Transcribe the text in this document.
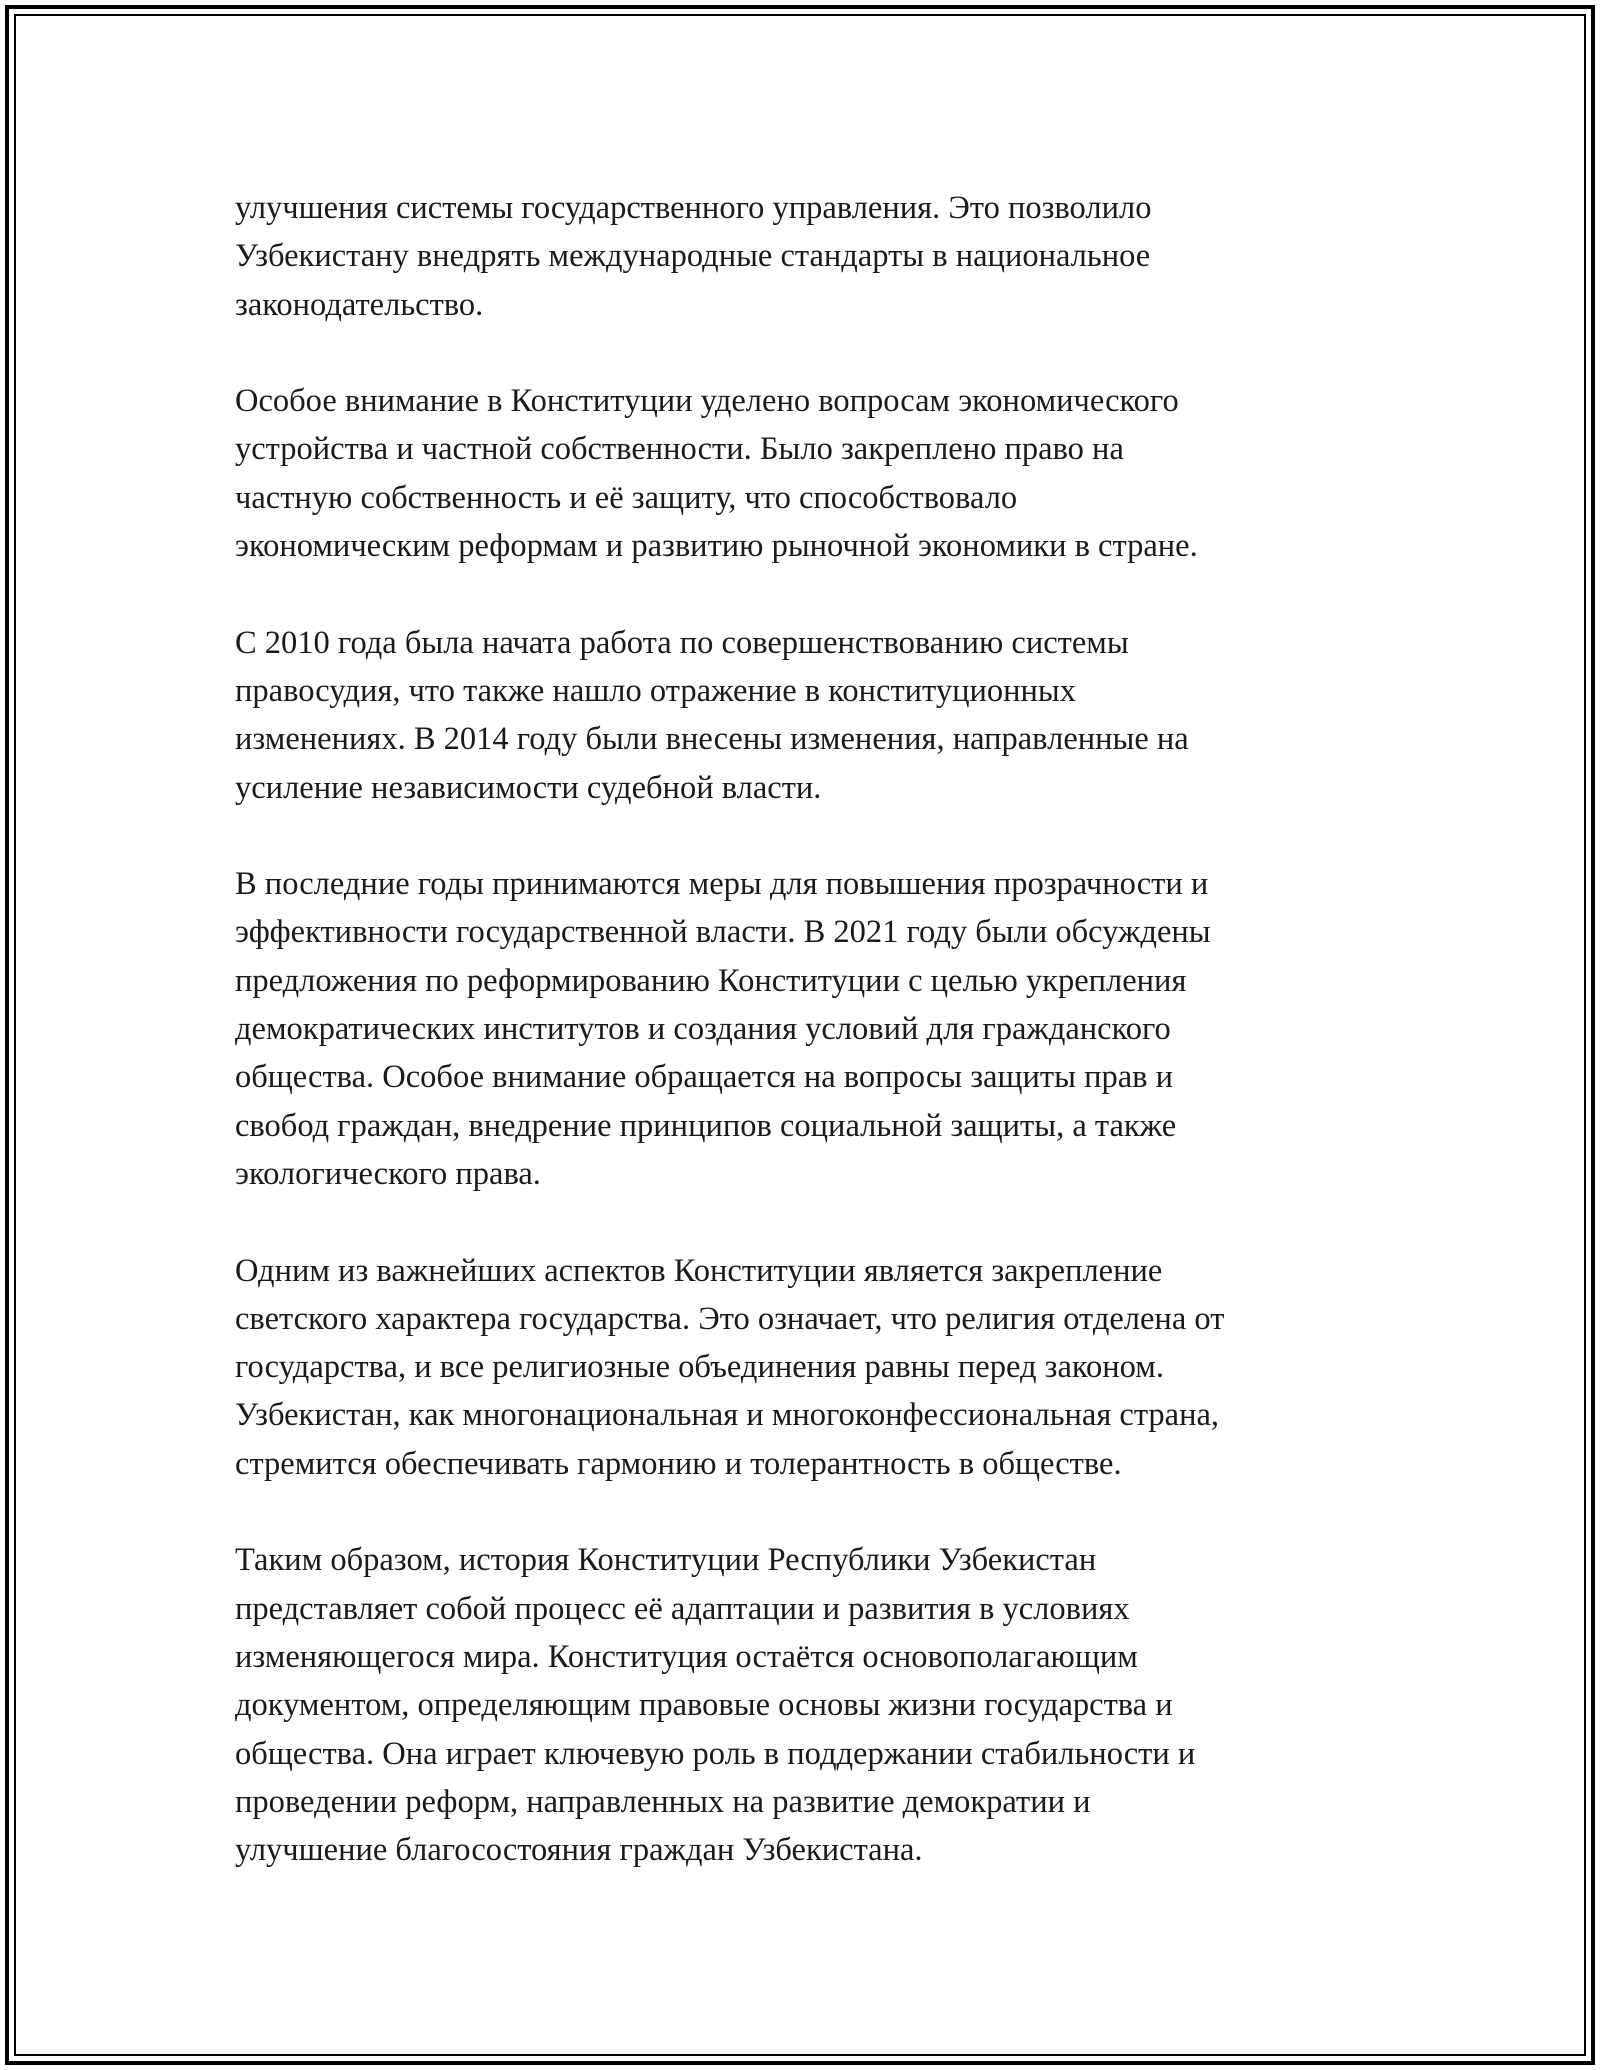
улучшения системы государственного управления. Это позволило
Узбекистану внедрять международные стандарты в национальное
законодательство.

Особое внимание в Конституции уделено вопросам экономического
устройства и частной собственности. Было закреплено право на
частную собственность и её защиту, что способствовало
экономическим реформам и развитию рыночной экономики в стране.

С 2010 года была начата работа по совершенствованию системы
правосудия, что также нашло отражение в конституционных
изменениях. В 2014 году были внесены изменения, направленные на
усиление независимости судебной власти.

В последние годы принимаются меры для повышения прозрачности и
эффективности государственной власти. В 2021 году были обсуждены
предложения по реформированию Конституции с целью укрепления
демократических институтов и создания условий для гражданского
общества. Особое внимание обращается на вопросы защиты прав и
свобод граждан, внедрение принципов социальной защиты, а также
экологического права.

Одним из важнейших аспектов Конституции является закрепление
светского характера государства. Это означает, что религия отделена от
государства, и все религиозные объединения равны перед законом.
Узбекистан, как многонациональная и многоконфессиональная страна,
стремится обеспечивать гармонию и толерантность в обществе.

Таким образом, история Конституции Республики Узбекистан
представляет собой процесс её адаптации и развития в условиях
изменяющегося мира. Конституция остаётся основополагающим
документом, определяющим правовые основы жизни государства и
общества. Она играет ключевую роль в поддержании стабильности и
проведении реформ, направленных на развитие демократии и
улучшение благосостояния граждан Узбекистана.
